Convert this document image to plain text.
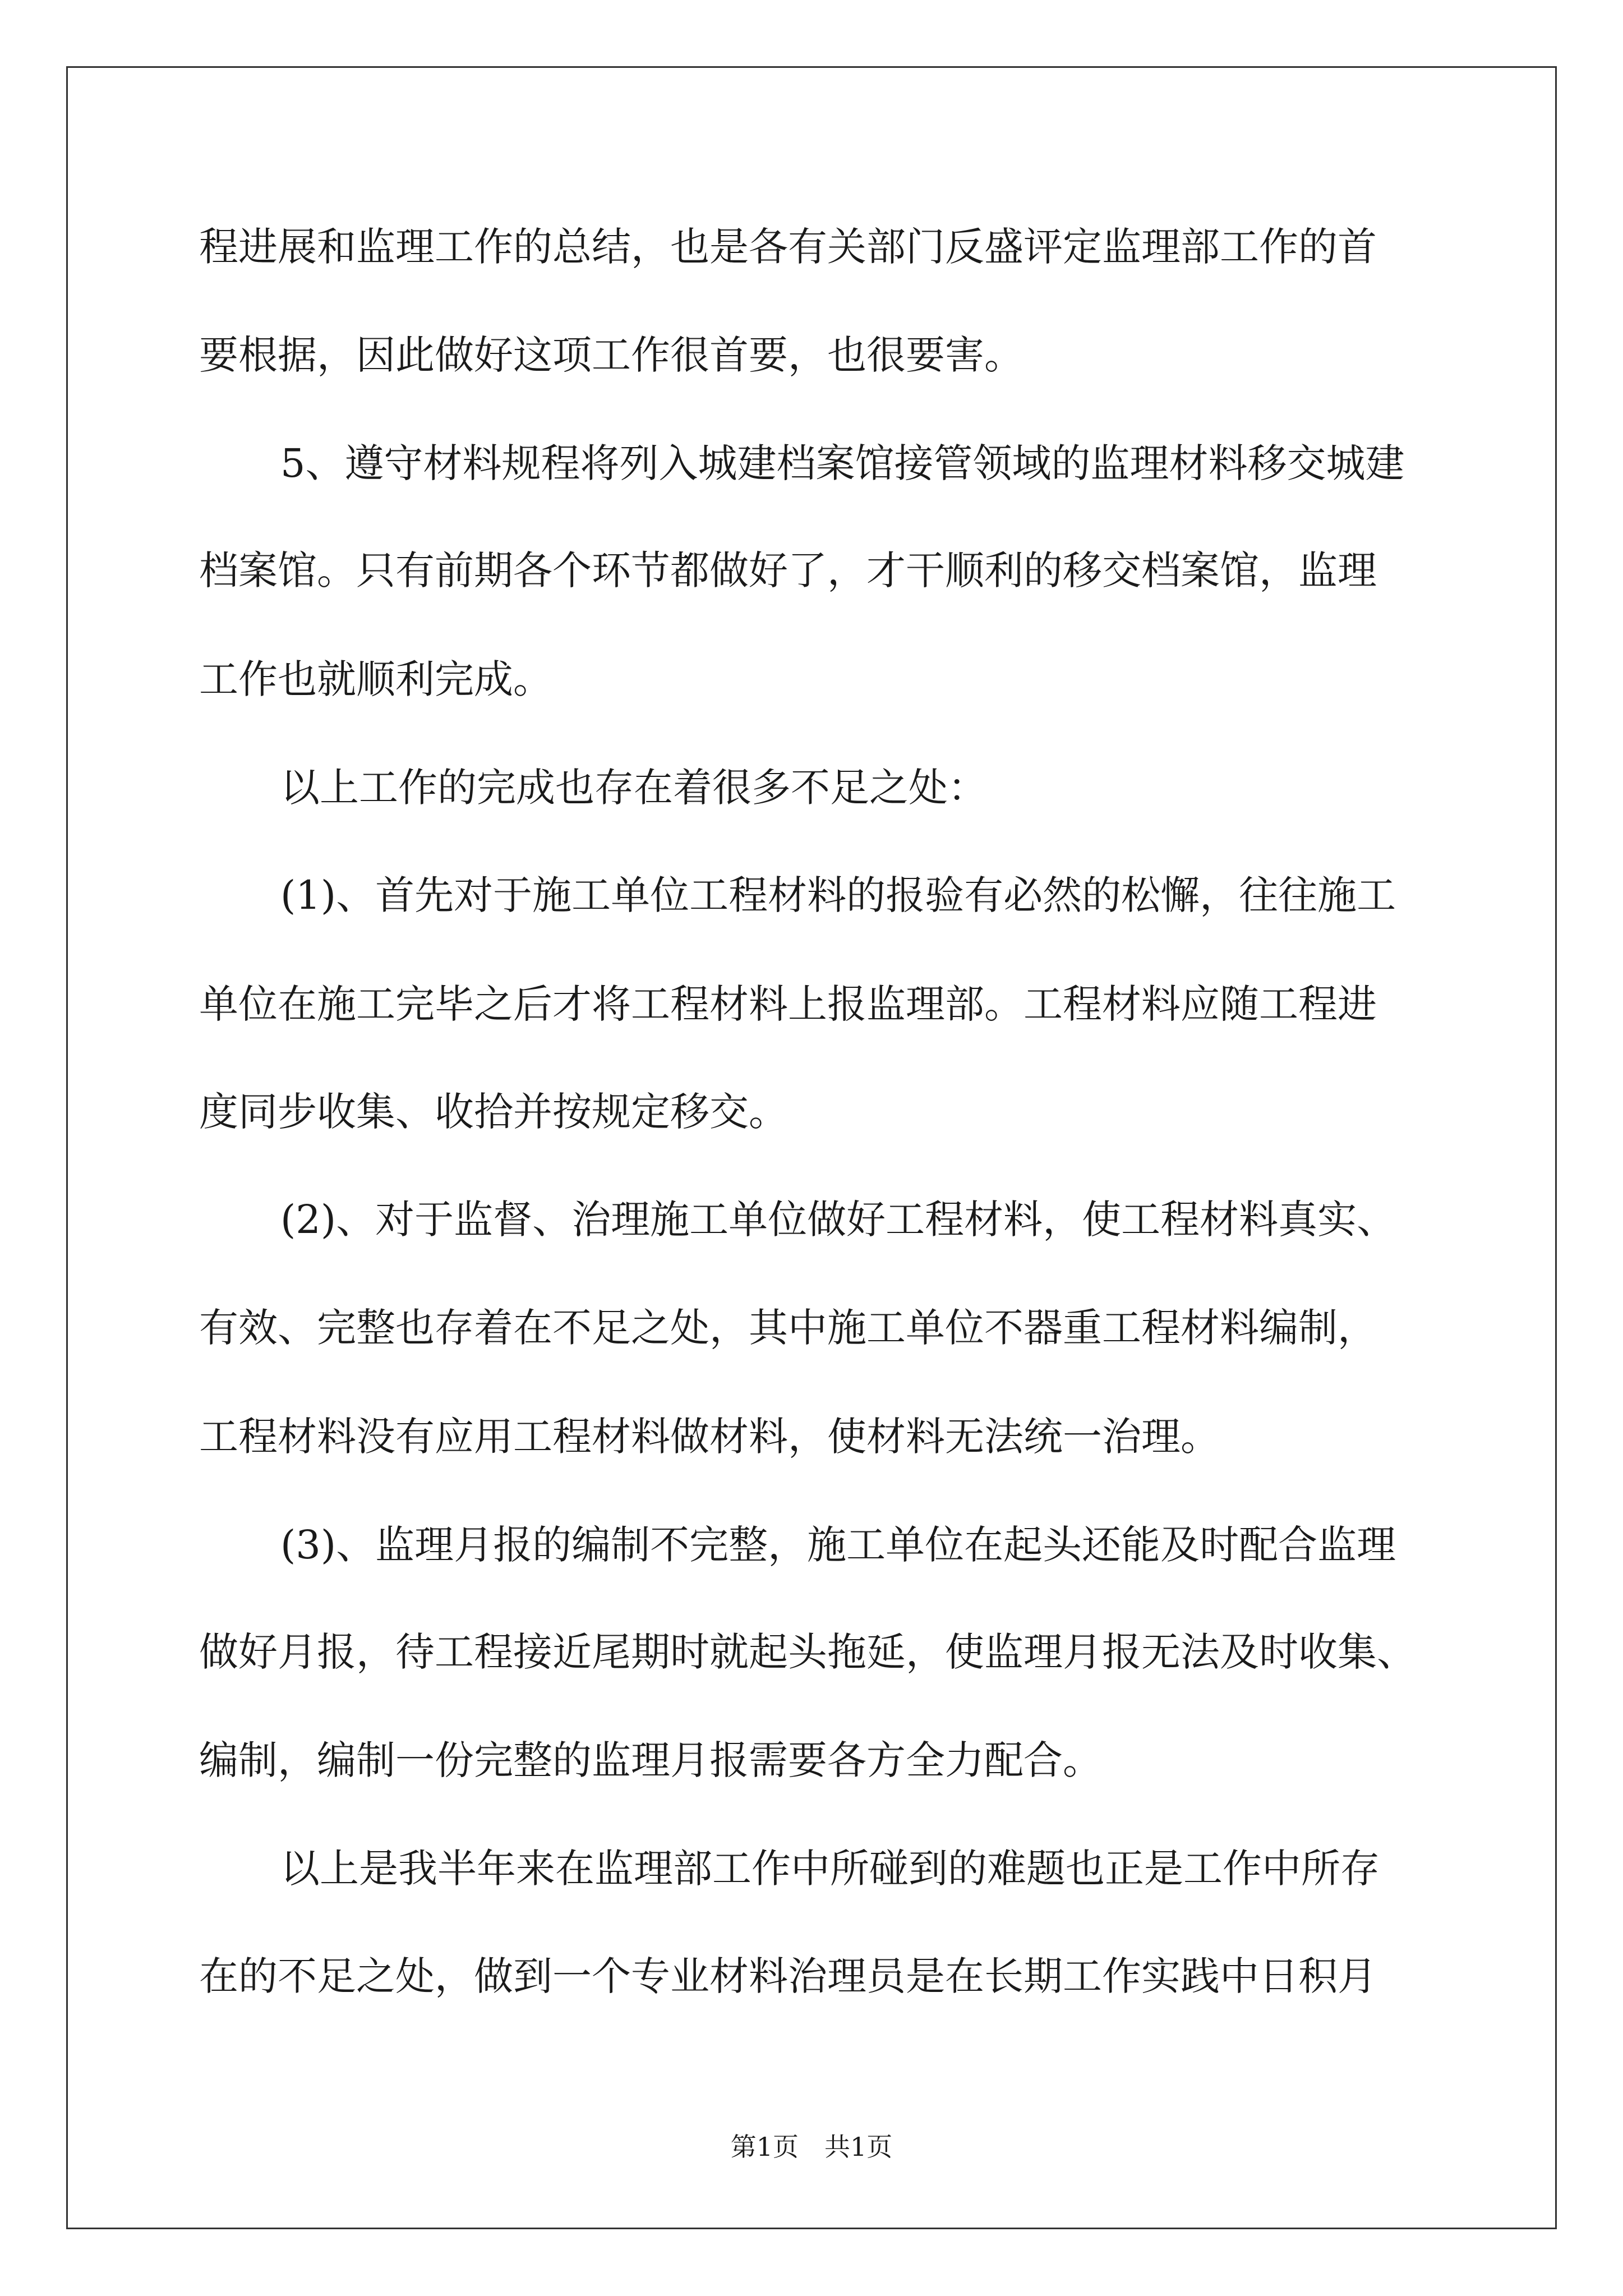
程进展和监理工作的总结，也是各有关部门反盛评定监理部工作的首
要根据，因此做好这项工作很首要，也很要害。
5、遵守材料规程将列入城建档案馆接管领域的监理材料移交城建
档案馆。只有前期各个环节都做好了，才干顺利的移交档案馆，监理
工作也就顺利完成。
以上工作的完成也存在着很多不足之处：
(1)、首先对于施工单位工程材料的报验有必然的松懈，往往施工
单位在施工完毕之后才将工程材料上报监理部。工程材料应随工程进
度同步收集、收拾并按规定移交。
(2)、对于监督、治理施工单位做好工程材料，使工程材料真实、
有效、完整也存着在不足之处，其中施工单位不器重工程材料编制，
工程材料没有应用工程材料做材料，使材料无法统一治理。
(3)、监理月报的编制不完整，施工单位在起头还能及时配合监理
做好月报，待工程接近尾期时就起头拖延，使监理月报无法及时收集、
编制，编制一份完整的监理月报需要各方全力配合。
以上是我半年来在监理部工作中所碰到的难题也正是工作中所存
在的不足之处，做到一个专业材料治理员是在长期工作实践中日积月
第1页　共1页
